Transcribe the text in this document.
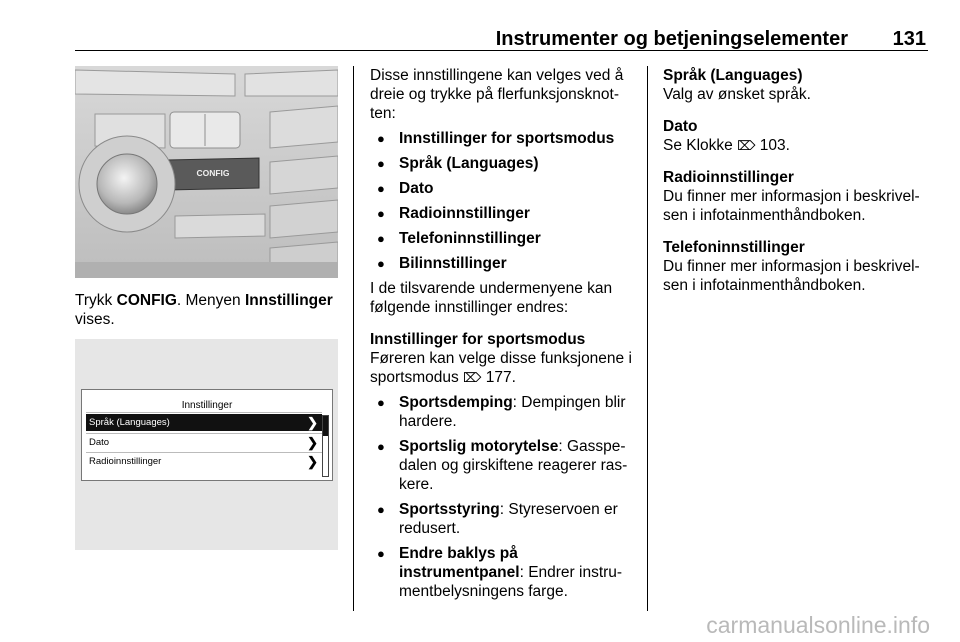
Instrumenter og betjeningselementer 131
CONFIG

Trykk CONFIG. Menyen Innstillinger vises.

Innstillinger
Språk (Languages)	❯
Dato	❯
Radioinnstillinger	❯

Disse innstillingene kan velges ved å dreie og trykke på flerfunksjonsknot-ten:

● Innstillinger for sportsmodus
● Språk (Languages)
● Dato
● Radioinnstillinger
● Telefoninnstillinger
● Bilinnstillinger

I de tilsvarende undermenyene kan følgende innstillinger endres:

Innstillinger for sportsmodus

Føreren kan velge disse funksjonene i sportsmodus ⌦ 177.

● Sportsdemping: Dempingen blir hardere.
● Sportslig motorytelse: Gasspe-dalen og girskiftene reagerer ras-kere.
● Sportsstyring: Styreservoen er redusert.
● Endre baklys på instrumentpanel: Endrer instru-mentbelysningens farge.

Språk (Languages)

Valg av ønsket språk.

Dato

Se Klokke ⌦ 103.

Radioinnstillinger

Du finner mer informasjon i beskrivel-sen i infotainmenthåndboken.

Telefoninnstillinger

Du finner mer informasjon i beskrivel-sen i infotainmenthåndboken.

carmanualsonline.info
